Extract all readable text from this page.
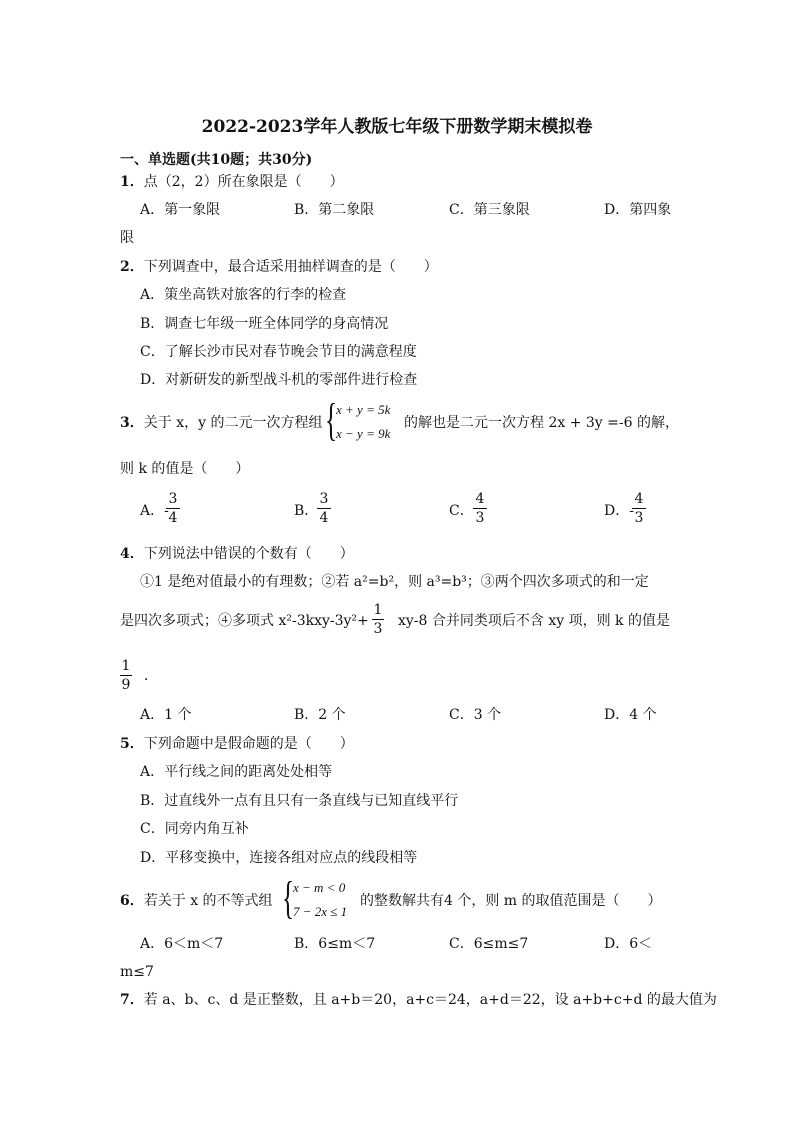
2022-2023学年人教版七年级下册数学期末模拟卷
一、单选题(共10题；共30分)
1．点（2，2）所在象限是（　　）
A．第一象限	B．第二象限	C．第三象限	D．第四象
限
2．下列调查中，最合适采用抽样调查的是（　　）
A．策坐高铁对旅客的行李的检查
B．调查七年级一班全体同学的身高情况
C．了解长沙市民对春节晚会节目的满意程度
D．对新研发的新型战斗机的零部件进行检查
3．关于 x，y 的二元一次方程组 {
x + y = 5k
x − y = 9k
的解也是二元一次方程 2x + 3y =-6 的解，
则 k 的值是（　　）
A．-
3
4	B．
3
4	C．
4
3	D．-
4
3
4．下列说法中错误的个数有（　　）
①1 是绝对值最小的有理数；②若 a²=b²，则 a³=b³；③两个四次多项式的和一定
是四次多项式；④多项式 x²-3kxy-3y²+
1
3 xy-8 合并同类项后不含 xy 项，则 k 的值是
1
9
．
A．1 个	B．2 个	C．3 个	D．4 个
5．下列命题中是假命题的是（　　）
A．平行线之间的距离处处相等
B．过直线外一点有且只有一条直线与已知直线平行
C．同旁内角互补
D．平移变换中，连接各组对应点的线段相等
6．若关于 x 的不等式组 {
x − m < 0
7 − 2x ≤ 1
的整数解共有4 个，则 m 的取值范围是（　　）
A．6＜m＜7	B．6≤m＜7	C．6≤m≤7	D．6＜
m≤7
7．若 a、b、c、d 是正整数，且 a+b＝20，a+c＝24，a+d＝22，设 a+b+c+d 的最大值为
